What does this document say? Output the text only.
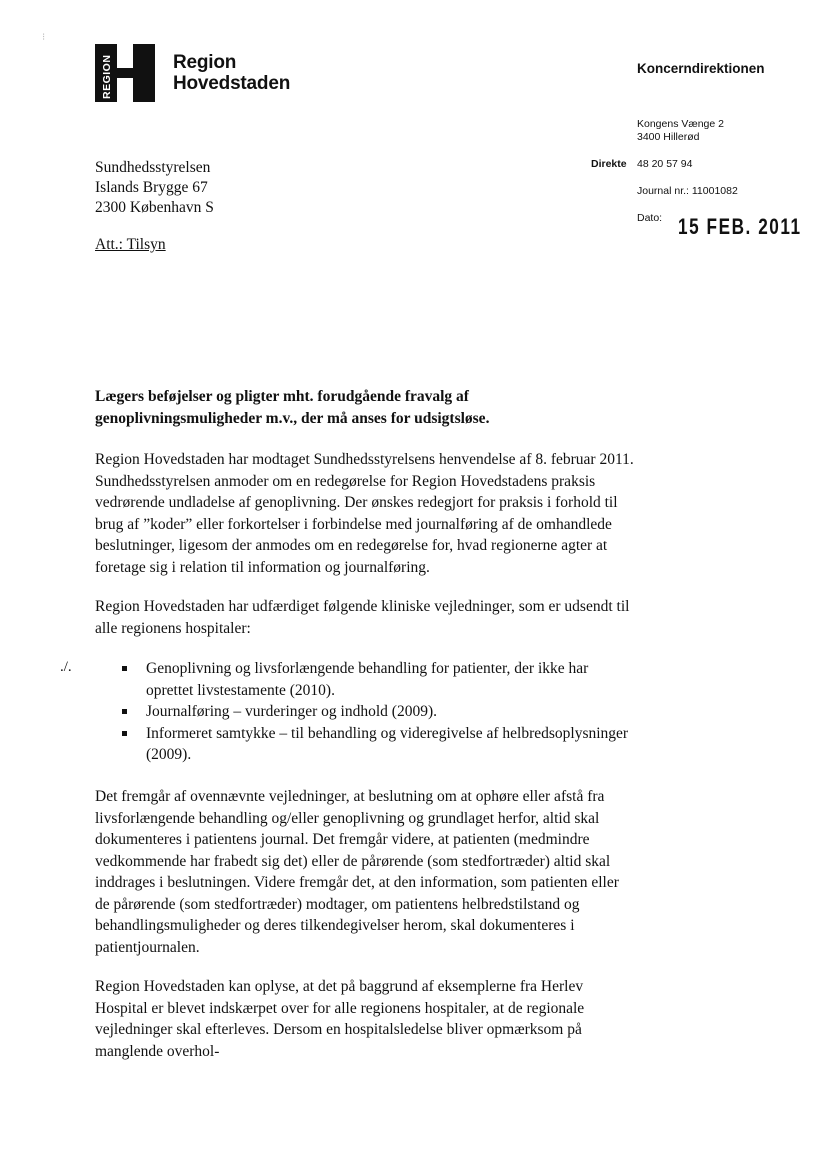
⁝
REGION	Region
Hovedstaden
Koncerndirektionen
Kongens Vænge 2
3400 Hillerød
Direkte 48 20 57 94
Journal nr.: 11001082
Dato: 15 FEB. 2011
Sundhedsstyrelsen
Islands Brygge 67
2300 København S
Att.: Tilsyn
Lægers beføjelser og pligter mht. forudgående fravalg af genoplivningsmuligheder m.v., der må anses for udsigtsløse.
Region Hovedstaden har modtaget Sundhedsstyrelsens henvendelse af 8. februar 2011. Sundhedsstyrelsen anmoder om en redegørelse for Region Hovedstadens praksis vedrørende undladelse af genoplivning. Der ønskes redegjort for praksis i forhold til brug af ”koder” eller forkortelser i forbindelse med journalføring af de omhandlede beslutninger, ligesom der anmodes om en redegørelse for, hvad regionerne agter at foretage sig i relation til information og journalføring.
Region Hovedstaden har udfærdiget følgende kliniske vejledninger, som er udsendt til alle regionens hospitaler:
./.	Genoplivning og livsforlængende behandling for patienter, der ikke har oprettet livstestamente (2010).
Journalføring – vurderinger og indhold (2009).
Informeret samtykke – til behandling og videregivelse af helbredsoplysninger (2009).
Det fremgår af ovennævnte vejledninger, at beslutning om at ophøre eller afstå fra livsforlængende behandling og/eller genoplivning og grundlaget herfor, altid skal dokumenteres i patientens journal. Det fremgår videre, at patienten (medmindre vedkommende har frabedt sig det) eller de pårørende (som stedfortræder) altid skal inddrages i beslutningen. Videre fremgår det, at den information, som patienten eller de pårørende (som stedfortræder) modtager, om patientens helbredstilstand og behandlingsmuligheder og deres tilkendegivelser herom, skal dokumenteres i patientjournalen.
Region Hovedstaden kan oplyse, at det på baggrund af eksemplerne fra Herlev Hospital er blevet indskærpet over for alle regionens hospitaler, at de regionale vejledninger skal efterleves. Dersom en hospitalsledelse bliver opmærksom på manglende overhol-
